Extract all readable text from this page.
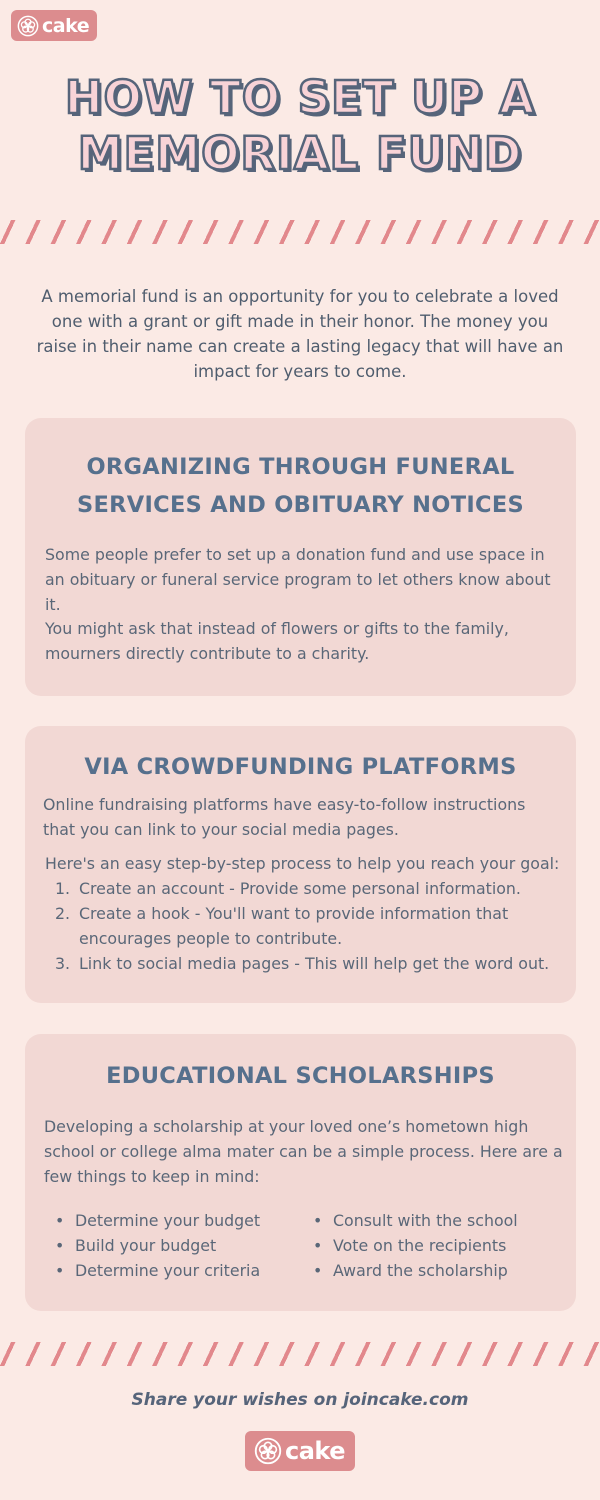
cake
HOW TO SET UP A
MEMORIAL FUND

A memorial fund is an opportunity for you to celebrate a loved one with a grant or gift made in their honor. The money you raise in their name can create a lasting legacy that will have an impact for years to come.

ORGANIZING THROUGH FUNERAL
SERVICES AND OBITUARY NOTICES

Some people prefer to set up a donation fund and use space in an obituary or funeral service program to let others know about it.

You might ask that instead of flowers or gifts to the family, mourners directly contribute to a charity.

VIA CROWDFUNDING PLATFORMS

Online fundraising platforms have easy-to-follow instructions that you can link to your social media pages.

Here's an easy step-by-step process to help you reach your goal:

1. Create an account - Provide some personal information.
2. Create a hook - You'll want to provide information that encourages people to contribute.
3. Link to social media pages - This will help get the word out.
EDUCATIONAL SCHOLARSHIPS

Developing a scholarship at your loved one’s hometown high school or college alma mater can be a simple process. Here are a few things to keep in mind:

• Determine your budget
• Build your budget
• Determine your criteria
• Consult with the school
• Vote on the recipients
• Award the scholarship

Share your wishes on joincake.com

cake
